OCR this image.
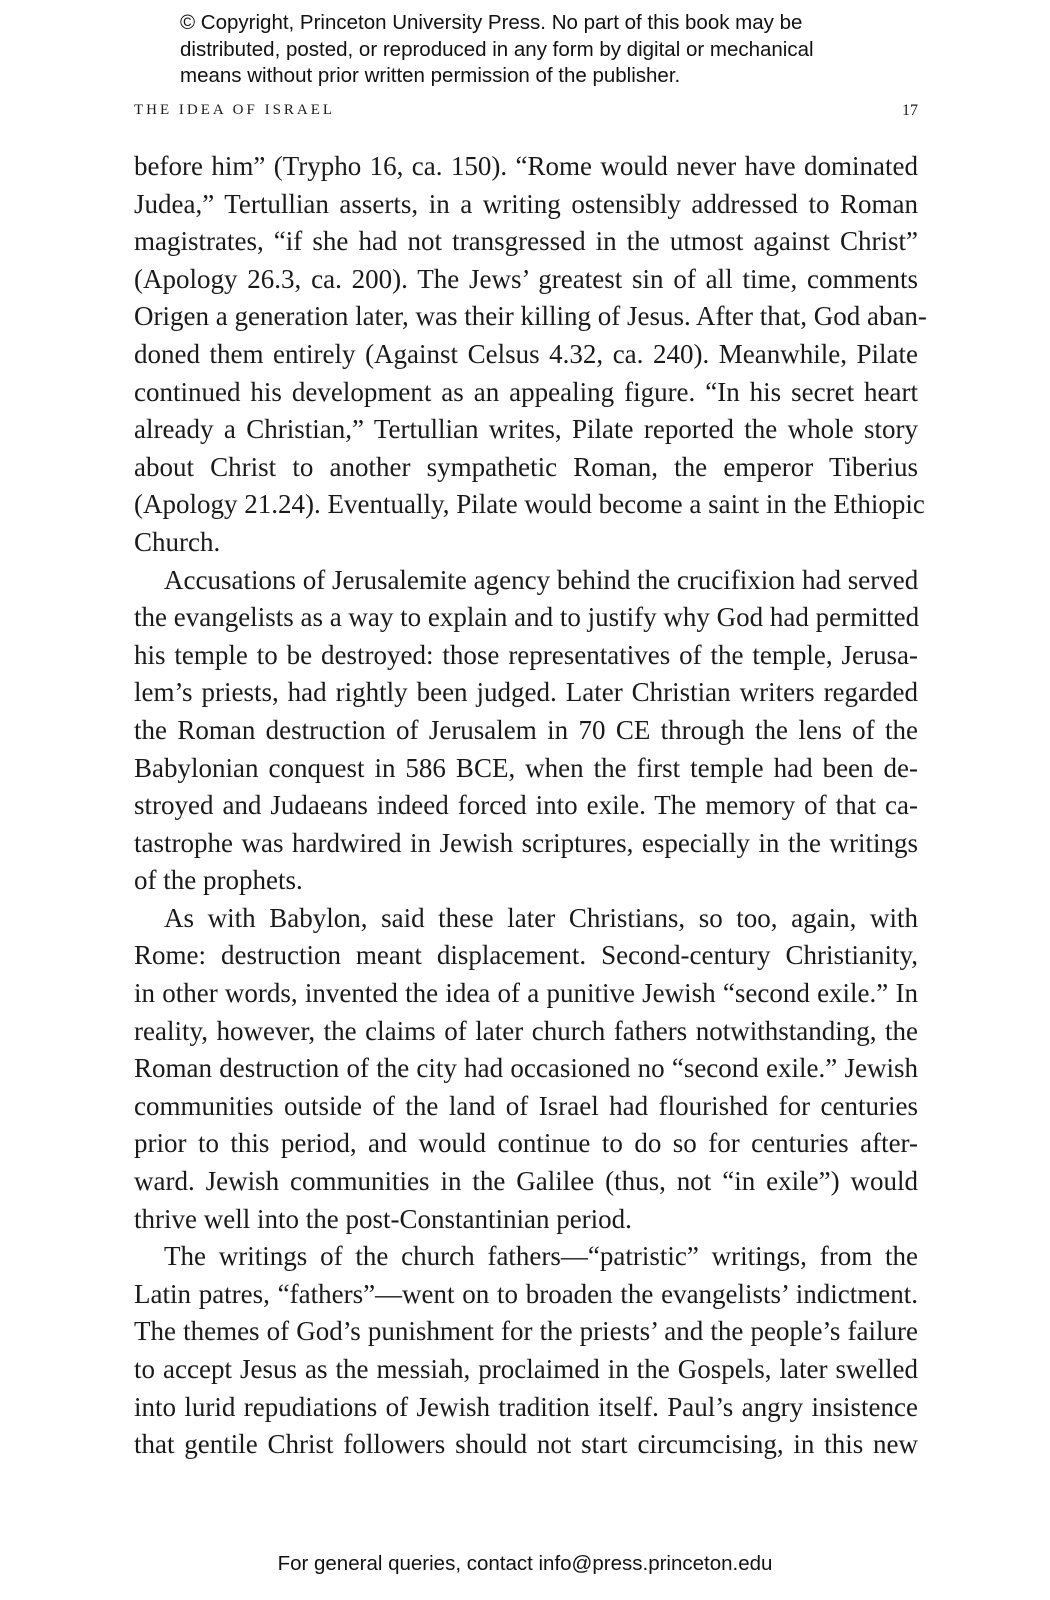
© Copyright, Princeton University Press. No part of this book may be
distributed, posted, or reproduced in any form by digital or mechanical
means without prior written permission of the publisher.
THE IDEA OF ISRAEL	17
before him” (Trypho 16, ca. 150). “Rome would never have dominated
Judea,” Tertullian asserts, in a writing ostensibly addressed to Roman
magistrates, “if she had not transgressed in the utmost against Christ”
(Apology 26.3, ca. 200). The Jews’ greatest sin of all time, comments
Origen a generation later, was their killing of Jesus. After that, God aban-
doned them entirely (Against Celsus 4.32, ca. 240). Meanwhile, Pilate
continued his development as an appealing figure. “In his secret heart
already a Christian,” Tertullian writes, Pilate reported the whole story
about Christ to another sympathetic Roman, the emperor Tiberius
(Apology 21.24). Eventually, Pilate would become a saint in the Ethiopic
Church.
Accusations of Jerusalemite agency behind the crucifixion had served
the evangelists as a way to explain and to justify why God had permitted
his temple to be destroyed: those representatives of the temple, Jerusa-
lem’s priests, had rightly been judged. Later Christian writers regarded
the Roman destruction of Jerusalem in 70 CE through the lens of the
Babylonian conquest in 586 BCE, when the first temple had been de-
stroyed and Judaeans indeed forced into exile. The memory of that ca-
tastrophe was hardwired in Jewish scriptures, especially in the writings
of the prophets.
As with Babylon, said these later Christians, so too, again, with
Rome: destruction meant displacement. Second-century Christianity,
in other words, invented the idea of a punitive Jewish “second exile.” In
reality, however, the claims of later church fathers notwithstanding, the
Roman destruction of the city had occasioned no “second exile.” Jewish
communities outside of the land of Israel had flourished for centuries
prior to this period, and would continue to do so for centuries after-
ward. Jewish communities in the Galilee (thus, not “in exile”) would
thrive well into the post-Constantinian period.
The writings of the church fathers—“patristic” writings, from the
Latin patres, “fathers”—went on to broaden the evangelists’ indictment.
The themes of God’s punishment for the priests’ and the people’s failure
to accept Jesus as the messiah, proclaimed in the Gospels, later swelled
into lurid repudiations of Jewish tradition itself. Paul’s angry insistence
that gentile Christ followers should not start circumcising, in this new
For general queries, contact info@press.princeton.edu
